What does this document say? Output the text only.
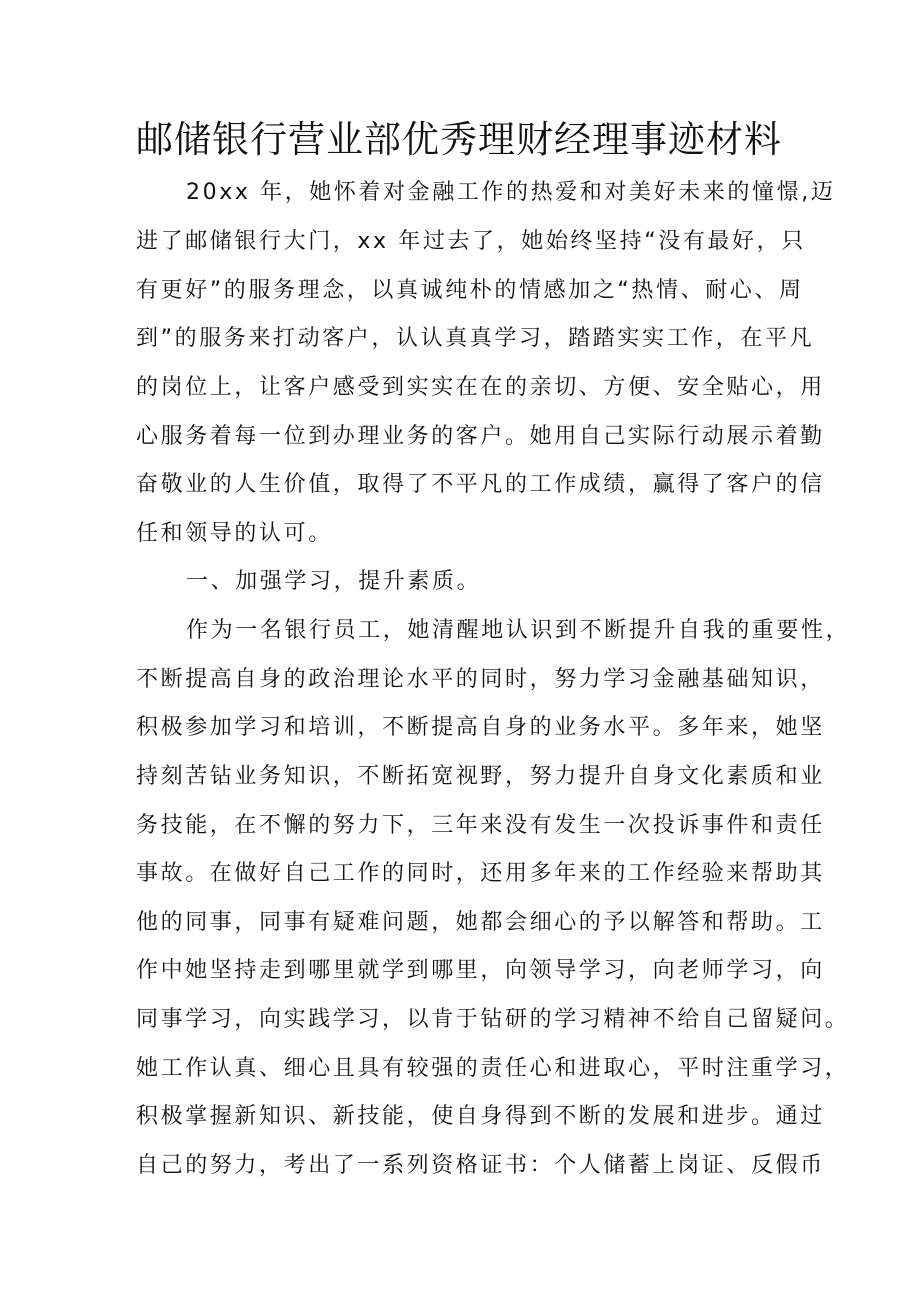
邮储银行营业部优秀理财经理事迹材料

20xx 年，她怀着对金融工作的热爱和对美好未来的憧憬,迈

进了邮储银行大门，xx 年过去了，她始终坚持“没有最好，只

有更好”的服务理念，以真诚纯朴的情感加之“热情、耐心、周

到”的服务来打动客户，认认真真学习，踏踏实实工作，在平凡

的岗位上，让客户感受到实实在在的亲切、方便、安全贴心，用

心服务着每一位到办理业务的客户。她用自己实际行动展示着勤

奋敬业的人生价值，取得了不平凡的工作成绩，赢得了客户的信

任和领导的认可。

一、加强学习，提升素质。

作为一名银行员工，她清醒地认识到不断提升自我的重要性，

不断提高自身的政治理论水平的同时，努力学习金融基础知识，

积极参加学习和培训，不断提高自身的业务水平。多年来，她坚

持刻苦钻业务知识，不断拓宽视野，努力提升自身文化素质和业

务技能，在不懈的努力下，三年来没有发生一次投诉事件和责任

事故。在做好自己工作的同时，还用多年来的工作经验来帮助其

他的同事，同事有疑难问题，她都会细心的予以解答和帮助。工

作中她坚持走到哪里就学到哪里，向领导学习，向老师学习，向

同事学习，向实践学习，以肯于钻研的学习精神不给自己留疑问。

她工作认真、细心且具有较强的责任心和进取心，平时注重学习，

积极掌握新知识、新技能，使自身得到不断的发展和进步。通过

自己的努力，考出了一系列资格证书：个人储蓄上岗证、反假币
